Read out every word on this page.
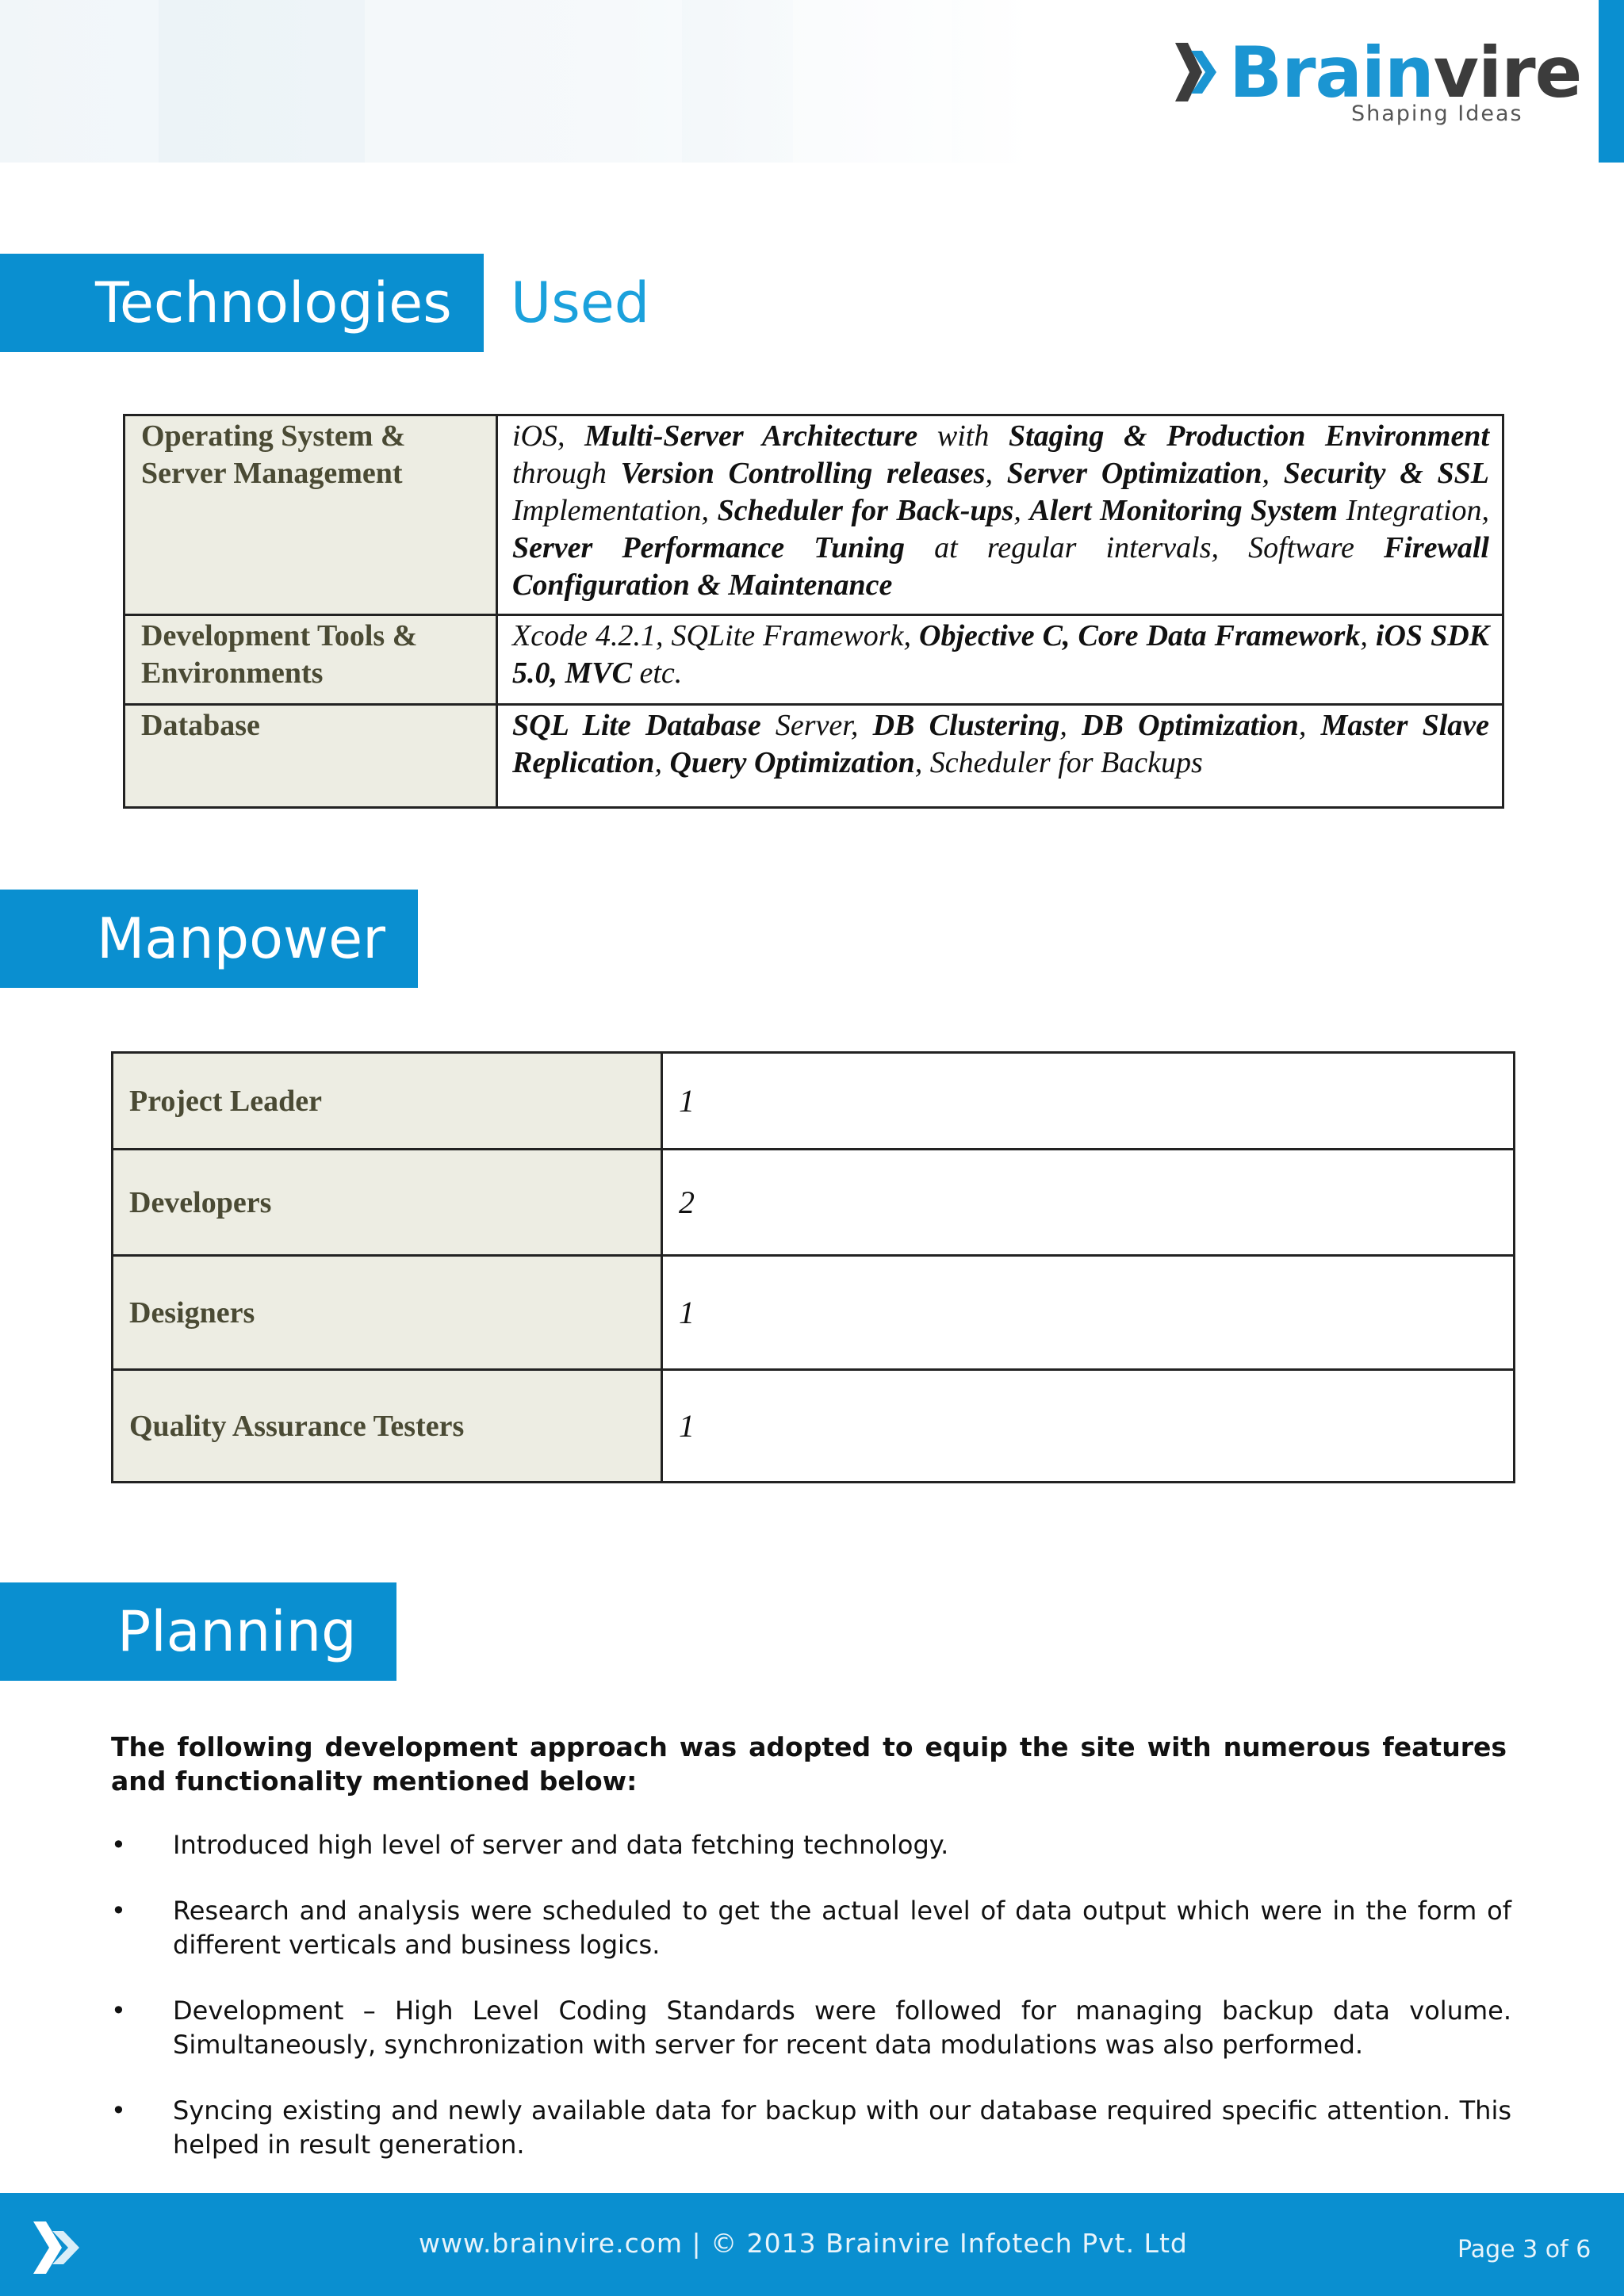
Brainvire
Shaping Ideas
Technologies	Used
Operating System & Server Management	iOS, Multi-Server Architecture with Staging & Production Environment through Version Controlling releases, Server Optimization, Security & SSL Implementation, Scheduler for Back-ups, Alert Monitoring System Integration, Server Performance Tuning at regular intervals, Software Firewall Configuration & Maintenance
Development Tools & Environments	Xcode 4.2.1, SQLite Framework, Objective C, Core Data Framework, iOS SDK 5.0, MVC etc.
Database	SQL Lite Database Server, DB Clustering, DB Optimization, Master Slave Replication, Query Optimization, Scheduler for Backups
Manpower
Project Leader	1
Developers	2
Designers	1
Quality Assurance Testers	1
Planning
The following development approach was adopted to equip the site with numerous features and functionality mentioned below:
• Introduced high level of server and data fetching technology.
• Research and analysis were scheduled to get the actual level of data output which were in the form of different verticals and business logics.
• Development – High Level Coding Standards were followed for managing backup data volume. Simultaneously, synchronization with server for recent data modulations was also performed.
• Syncing existing and newly available data for backup with our database required specific attention. This helped in result generation.
www.brainvire.com | © 2013 Brainvire Infotech Pvt. Ltd	Page 3 of 6
